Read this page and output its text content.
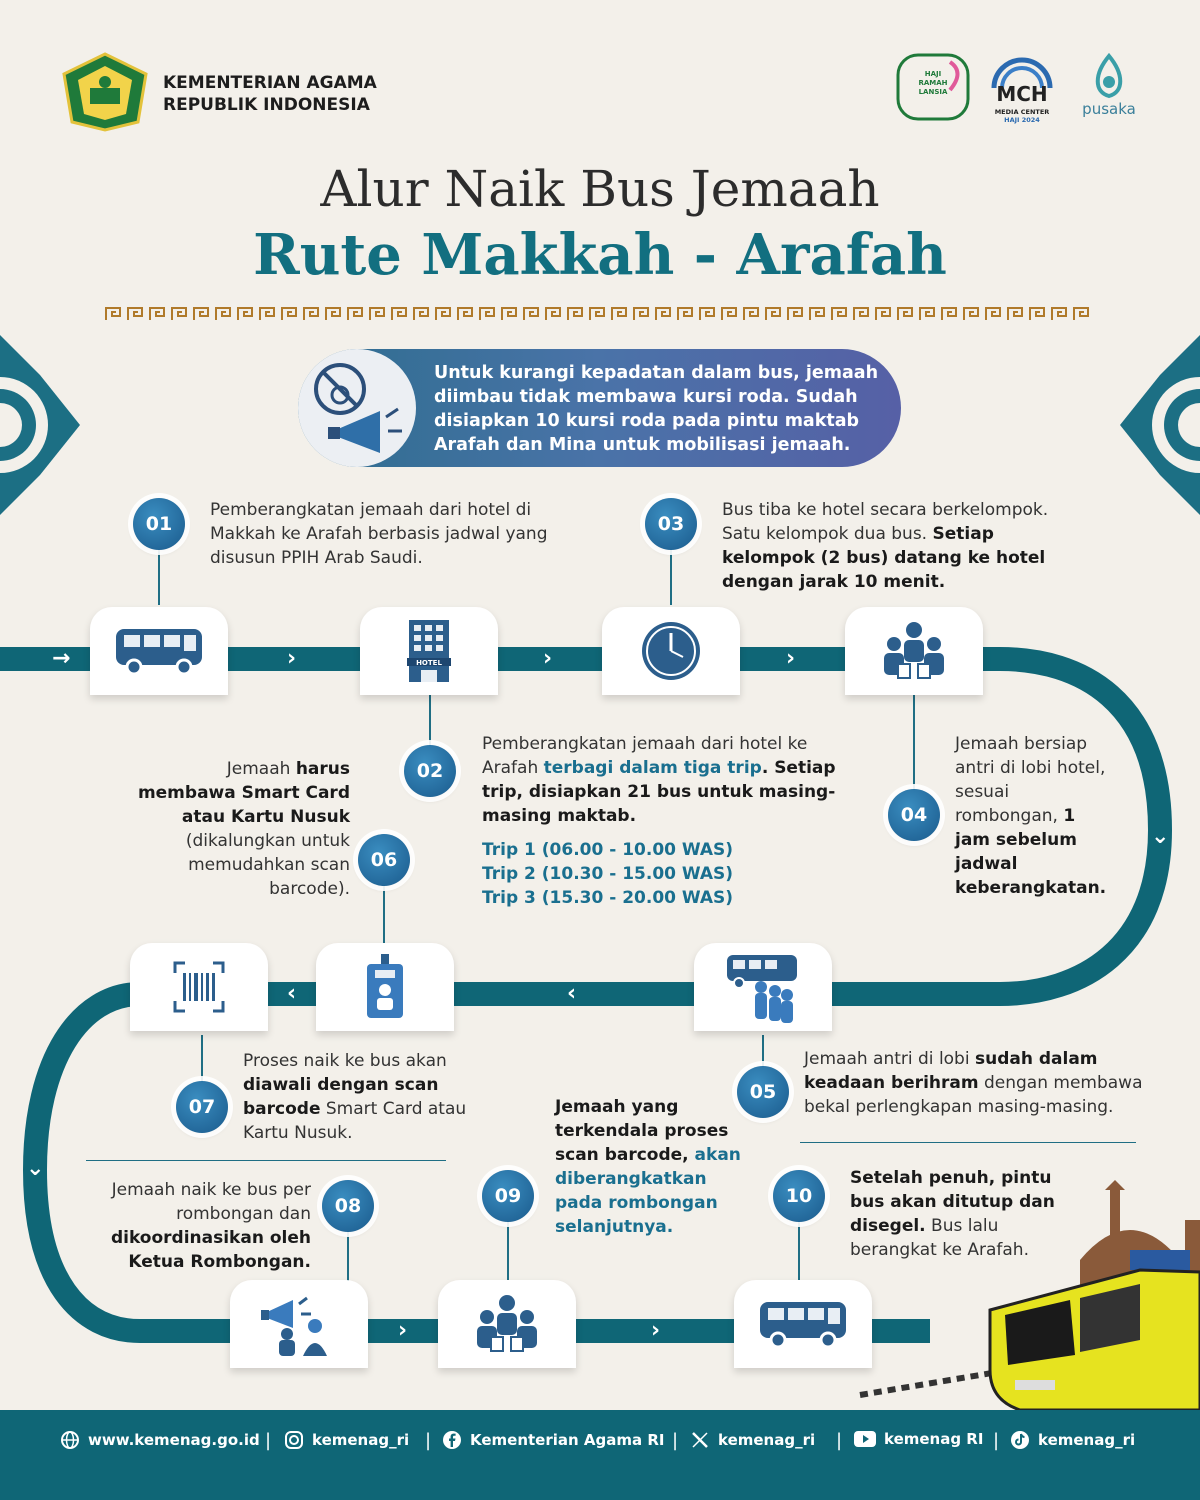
KEMENTERIAN AGAMA
REPUBLIK INDONESIA
HAJI
RAMAH
LANSIA	MCH
MEDIA CENTER
HAJI 2024
pusaka
Alur Naik Bus Jemaah
Rute Makkah - Arafah
Untuk kurangi kepadatan dalam bus, jemaah diimbau tidak membawa kursi roda. Sudah disiapkan 10 kursi roda pada pintu maktab Arafah dan Mina untuk mobilisasi jemaah.
→	›	›	›
⌄
‹
‹
⌄
›	›
HOTEL
01
02
03
04
05
06
07
08	09	10
Pemberangkatan jemaah dari hotel di Makkah ke Arafah berbasis jadwal yang disusun PPIH Arab Saudi.
Pemberangkatan jemaah dari hotel ke Arafah terbagi dalam tiga trip. Setiap trip, disiapkan 21 bus untuk masing-masing maktab.
Trip 1 (06.00 - 10.00 WAS)
Trip 2 (10.30 - 15.00 WAS)
Trip 3 (15.30 - 20.00 WAS)
Bus tiba ke hotel secara berkelompok. Satu kelompok dua bus. Setiap kelompok (2 bus) datang ke hotel dengan jarak 10 menit.
Jemaah bersiap antri di lobi hotel, sesuai rombongan, 1 jam sebelum jadwal keberangkatan.
Jemaah antri di lobi sudah dalam keadaan berihram dengan membawa bekal perlengkapan masing-masing.
Jemaah harus membawa Smart Card atau Kartu Nusuk (dikalungkan untuk memudahkan scan barcode).
Proses naik ke bus akan diawali dengan scan barcode Smart Card atau Kartu Nusuk.
Jemaah naik ke bus per rombongan dan dikoordinasikan oleh Ketua Rombongan.
Jemaah yang terkendala proses scan barcode, akan diberangkatkan pada rombongan selanjutnya.
Setelah penuh, pintu bus akan ditutup dan disegel. Bus lalu berangkat ke Arafah.
www.kemenag.go.id |	kemenag_ri |	Kementerian Agama RI |	kemenag_ri |	kemenag RI |	kemenag_ri
